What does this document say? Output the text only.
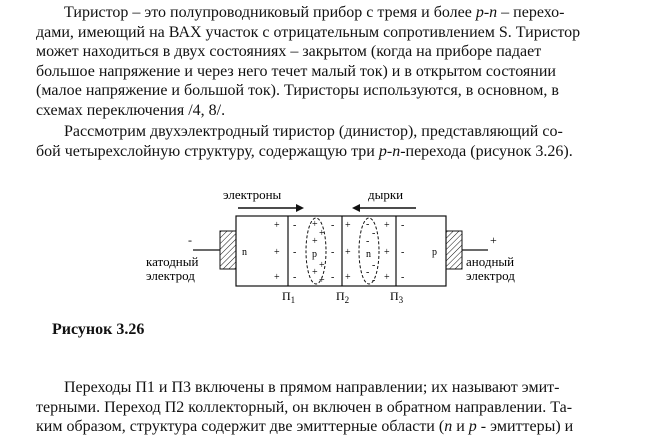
Тиристор – это полупроводниковый прибор с тремя и более p-n – перехо-
дами, имеющий на ВАХ участок с отрицательным сопротивлением S. Тиристор
может находиться в двух состояниях – закрытом (когда на приборе падает
большое напряжение и через него течет малый ток) и в открытом состоянии
(малое напряжение и большой ток). Тиристоры используются, в основном, в
схемах переключения /4, 8/.
Рассмотрим двухэлектродный тиристор (динистор), представляющий со-
бой четырехслойную структуру, содержащую три p-n-перехода (рисунок 3.26).
электроны	дырки
-
катодный
электрод
+
анодный
электрод
n	p	n	p
+
+
+
-
-
-
+
+
+
+
+
+
-
-
-
+
+
+
-
-
-
-
-
-
+
+
+
-
-
-
$П_1$	$П_2$	$П_3$

Рисунок 3.26

Переходы П1 и П3 включены в прямом направлении; их называют эмит-
терными. Переход П2 коллекторный, он включен в обратном направлении. Та-
ким образом, структура содержит две эмиттерные области (n и p - эмиттеры) и
